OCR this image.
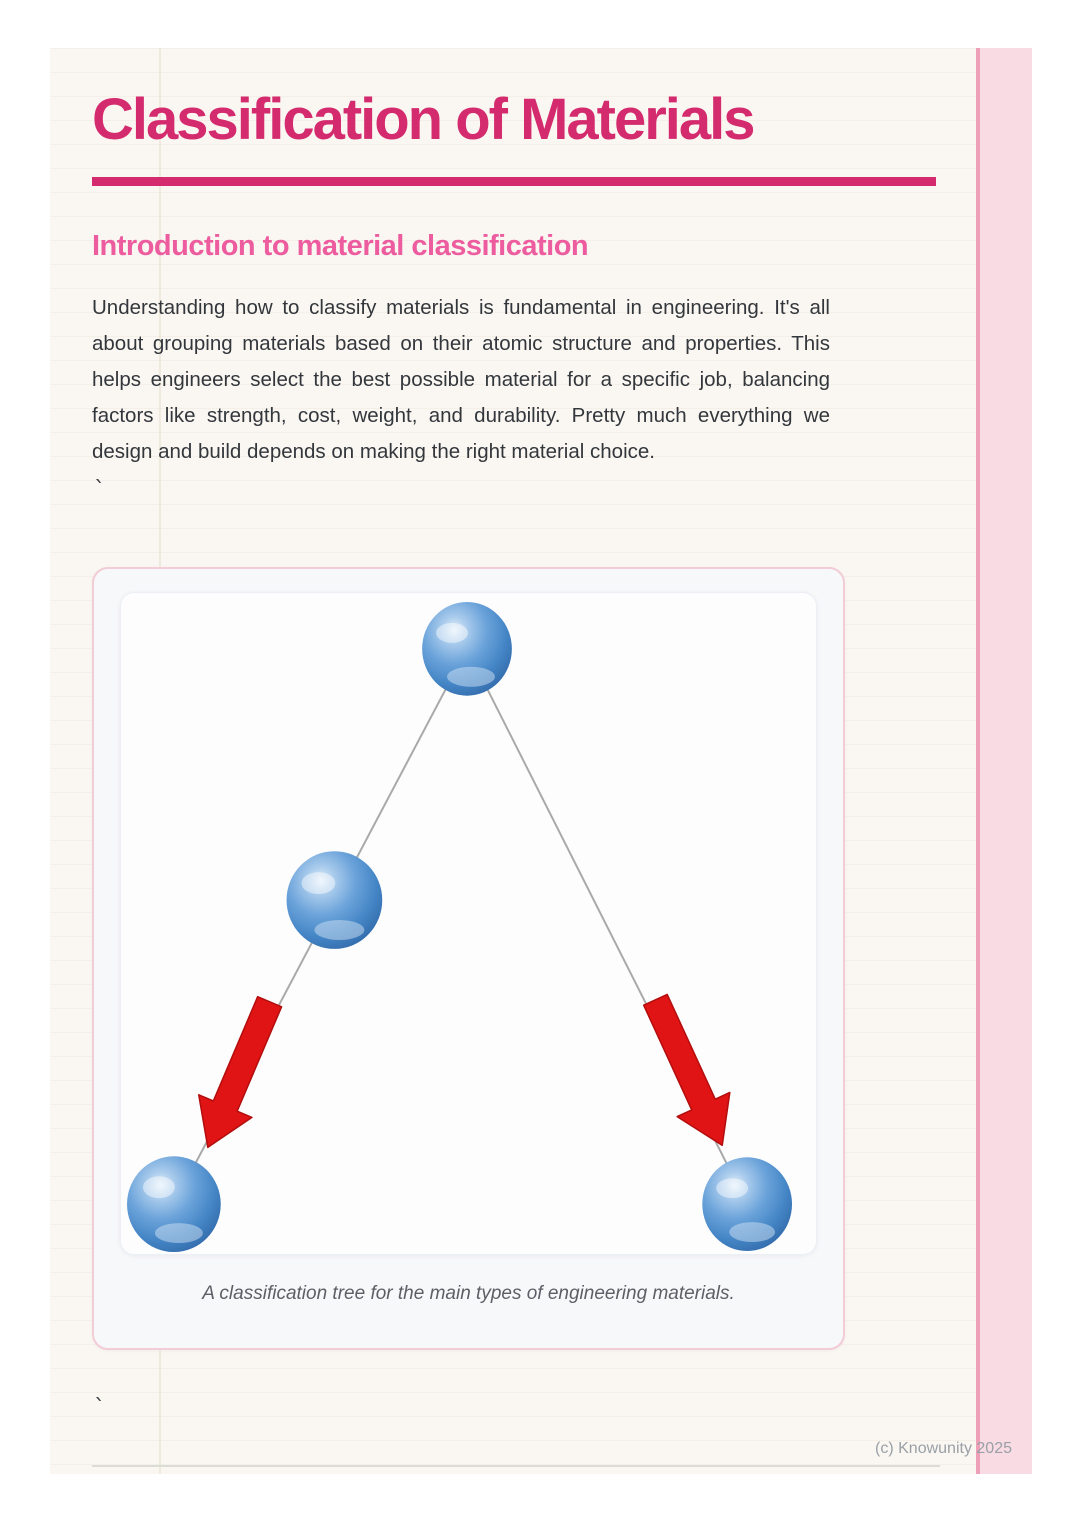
Classification of Materials
Introduction to material classification

Understanding how to classify materials is fundamental in engineering. It's all about grouping materials based on their atomic structure and properties. This helps engineers select the best possible material for a specific job, balancing factors like strength, cost, weight, and durability. Pretty much everything we design and build depends on making the right material choice.

`
A classification tree for the main types of engineering materials.
`
(c) Knowunity 2025
